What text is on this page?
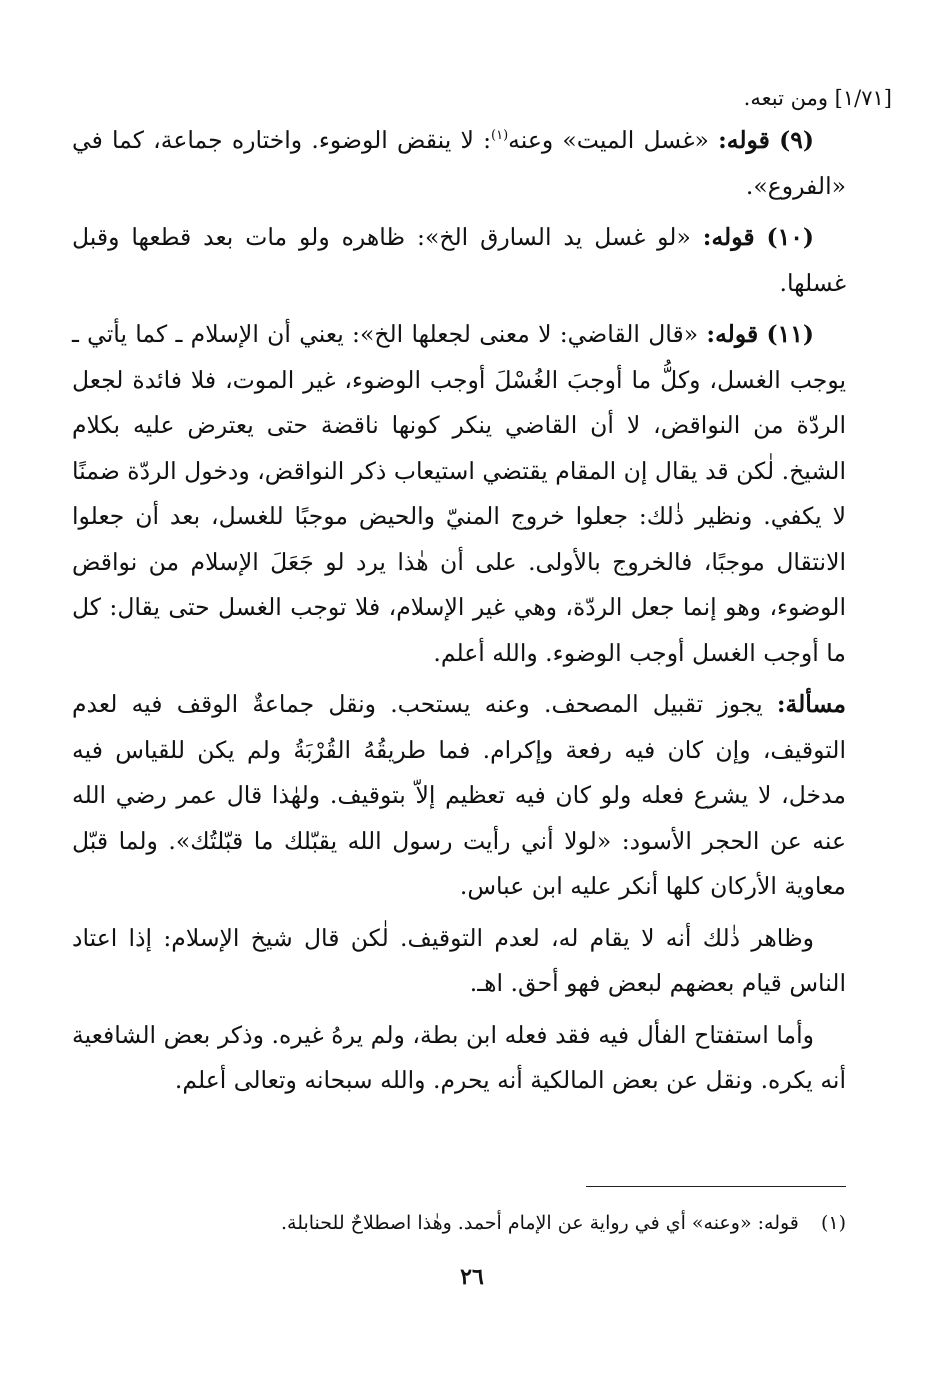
[١/٧١] ومن تبعه.

(٩) قوله: «غسل الميت» وعنه$^{(١)}$: لا ينقض الوضوء. واختاره جماعة، كما في «الفروع».

(١٠) قوله: «لو غسل يد السارق الخ»: ظاهره ولو مات بعد قطعها وقبل غسلها.

(١١) قوله: «قال القاضي: لا معنى لجعلها الخ»: يعني أن الإسلام ـ كما يأتي ـ يوجب الغسل، وكلُّ ما أوجبَ الغُسْلَ أوجب الوضوء، غير الموت، فلا فائدة لجعل الردّة من النواقض، لا أن القاضي ينكر كونها ناقضة حتى يعترض عليه بكلام الشيخ. لٰكن قد يقال إن المقام يقتضي استيعاب ذكر النواقض، ودخول الردّة ضمنًا لا يكفي. ونظير ذٰلك: جعلوا خروج المنيّ والحيض موجبًا للغسل، بعد أن جعلوا الانتقال موجبًا، فالخروج بالأولى. على أن هٰذا يرد لو جَعَلَ الإسلام من نواقض الوضوء، وهو إنما جعل الردّة، وهي غير الإسلام، فلا توجب الغسل حتى يقال: كل ما أوجب الغسل أوجب الوضوء. والله أعلم.

مسألة: يجوز تقبيل المصحف. وعنه يستحب. ونقل جماعةٌ الوقف فيه لعدم التوقيف، وإن كان فيه رفعة وإكرام. فما طريقُهُ القُرْبَةُ ولم يكن للقياس فيه مدخل، لا يشرع فعله ولو كان فيه تعظيم إلاّ بتوقيف. ولهٰذا قال عمر رضي الله عنه عن الحجر الأسود: «لولا أني رأيت رسول الله يقبّلك ما قبّلتُك». ولما قبّل معاوية الأركان كلها أنكر عليه ابن عباس.

وظاهر ذٰلك أنه لا يقام له، لعدم التوقيف. لٰكن قال شيخ الإسلام: إذا اعتاد الناس قيام بعضهم لبعض فهو أحق. اهـ.

وأما استفتاح الفأل فيه فقد فعله ابن بطة، ولم يرهُ غيره. وذكر بعض الشافعية أنه يكره. ونقل عن بعض المالكية أنه يحرم. والله سبحانه وتعالى أعلم.

(١) قوله: «وعنه» أي في رواية عن الإمام أحمد. وهٰذا اصطلاحٌ للحنابلة.
٢٦
